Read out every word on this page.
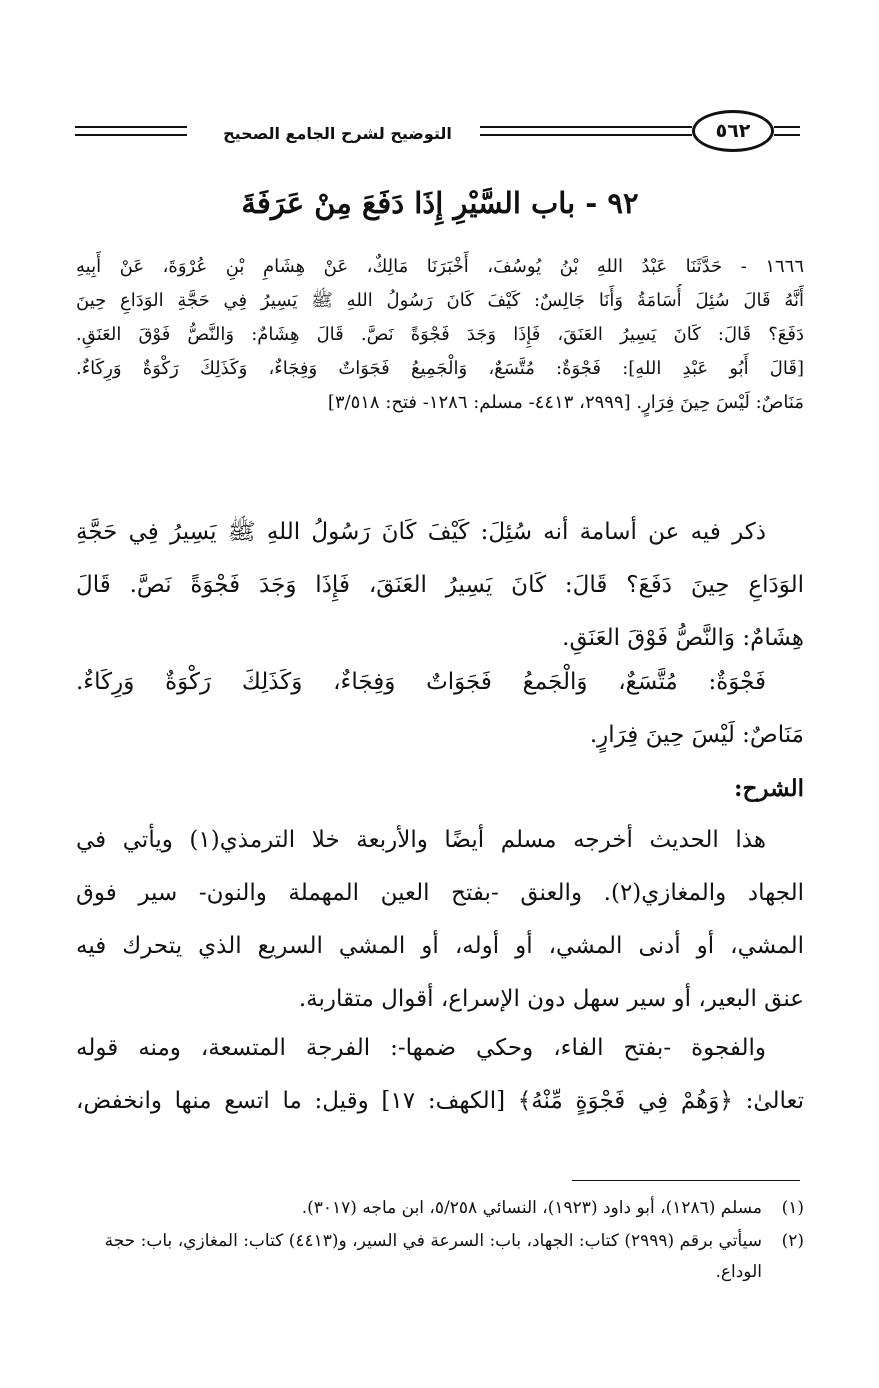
التوضيح لشرح الجامع الصحيح	٥٦٢
٩٢ - باب السَّيْرِ إِذَا دَفَعَ مِنْ عَرَفَةَ
١٦٦٦ - حَدَّثَنَا عَبْدُ اللهِ بْنُ يُوسُفَ، أَخْبَرَنَا مَالِكٌ، عَنْ هِشَامِ بْنِ عُرْوَةَ، عَنْ أَبِيهِ
أَنَّهُ قَالَ سُئِلَ أُسَامَةُ وَأَنَا جَالِسٌ: كَيْفَ كَانَ رَسُولُ اللهِ ﷺ يَسِيرُ فِي حَجَّةِ الوَدَاعِ حِينَ
دَفَعَ؟ قَالَ: كَانَ يَسِيرُ العَنَقَ، فَإِذَا وَجَدَ فَجْوَةً نَصَّ. قَالَ هِشَامٌ: وَالنَّصُّ فَوْقَ العَنَقِ.
[قَالَ أَبُو عَبْدِ اللهِ]: فَجْوَةٌ: مُتَّسَعٌ، وَالْجَمِيعُ فَجَوَاتٌ وَفِجَاءٌ، وَكَذَلِكَ رَكْوَةٌ وَرِكَاءٌ.
مَنَاصٌ: لَيْسَ حِينَ فِرَارٍ. [٢٩٩٩، ٤٤١٣- مسلم: ١٢٨٦- فتح: ٣/٥١٨]
ذكر فيه عن أسامة أنه سُئِلَ: كَيْفَ كَانَ رَسُولُ اللهِ ﷺ يَسِيرُ فِي حَجَّةِ
الوَدَاعِ حِينَ دَفَعَ؟ قَالَ: كَانَ يَسِيرُ العَنَقَ، فَإِذَا وَجَدَ فَجْوَةً نَصَّ. قَالَ
هِشَامٌ: وَالنَّصُّ فَوْقَ العَنَقِ.
فَجْوَةٌ: مُتَّسَعٌ، وَالْجَمعُ فَجَوَاتٌ وَفِجَاءٌ، وَكَذَلِكَ رَكْوَةٌ وَرِكَاءٌ.
مَنَاصٌ: لَيْسَ حِينَ فِرَارٍ.
الشرح:
هذا الحديث أخرجه مسلم أيضًا والأربعة خلا الترمذي(١) ويأتي في
الجهاد والمغازي(٢). والعنق -بفتح العين المهملة والنون- سير فوق
المشي، أو أدنى المشي، أو أوله، أو المشي السريع الذي يتحرك فيه
عنق البعير، أو سير سهل دون الإسراع، أقوال متقاربة.
والفجوة -بفتح الفاء، وحكي ضمها-: الفرجة المتسعة، ومنه قوله
تعالىٰ: ﴿وَهُمْ فِي فَجْوَةٍ مِّنْهُ﴾ [الكهف: ١٧] وقيل: ما اتسع منها وانخفض،
(١)
مسلم (١٢٨٦)، أبو داود (١٩٢٣)، النسائي ٥/٢٥٨، ابن ماجه (٣٠١٧).
(٢)
سيأتي برقم (٢٩٩٩) كتاب: الجهاد، باب: السرعة في السير، و(٤٤١٣) كتاب: المغازي، باب: حجة الوداع.
